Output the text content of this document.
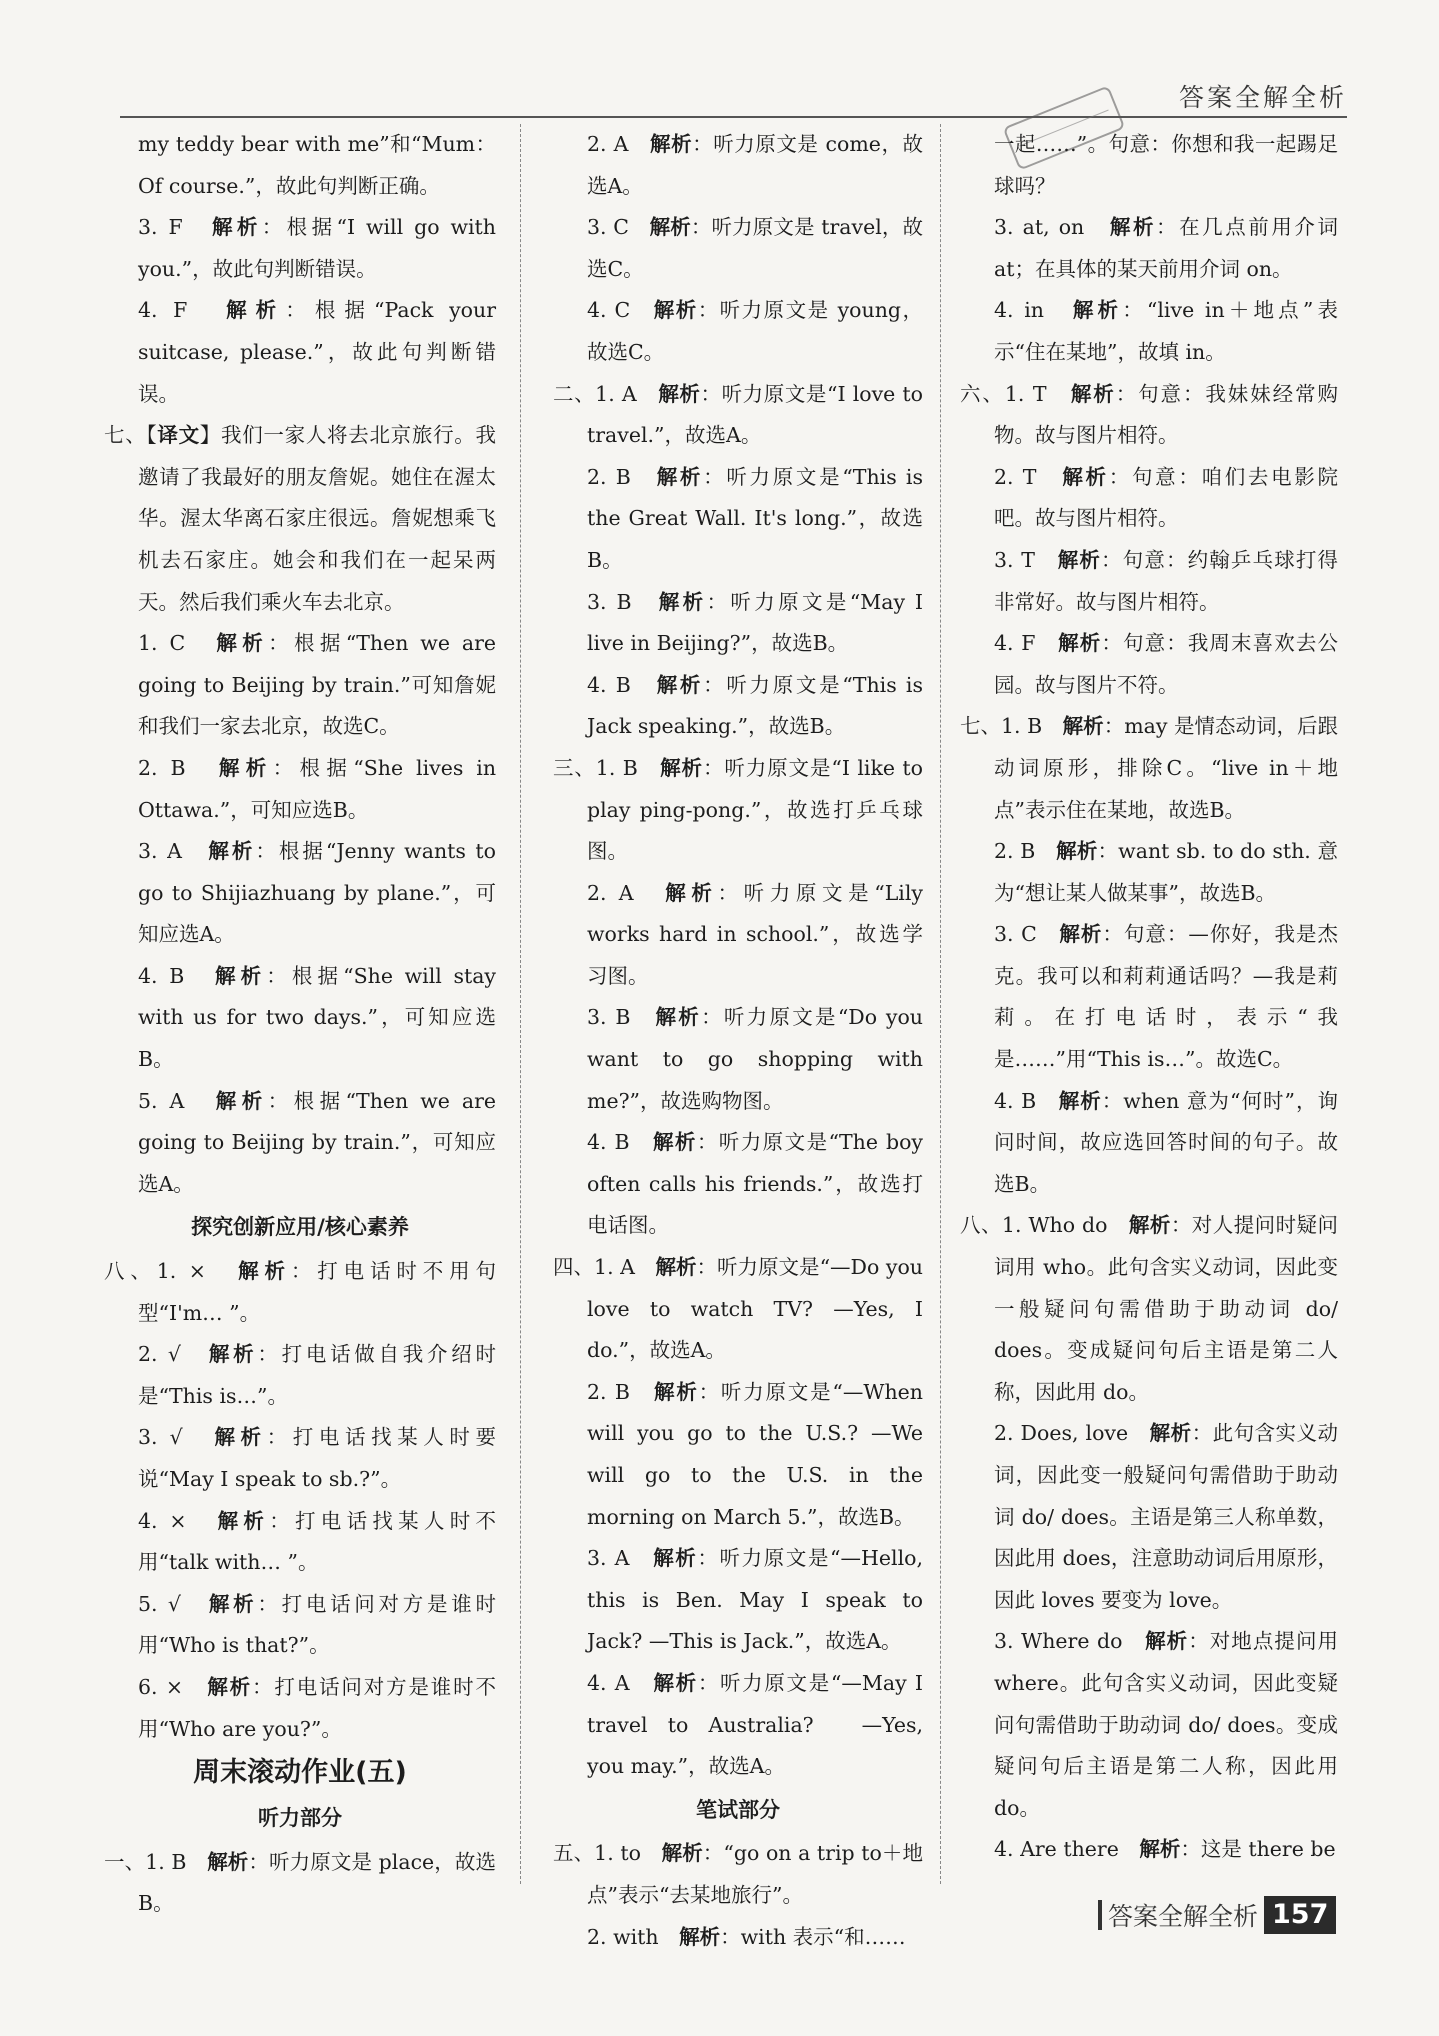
答案全解全析

my teddy bear with me”和“Mum：Of course.”，故此句判断正确。

3. F　解析：根据“I will go with you.”，故此句判断错误。

4. F　解析：根据“Pack your suitcase, please.”，故此句判断错误。

七、【译文】我们一家人将去北京旅行。我邀请了我最好的朋友詹妮。她住在渥太华。渥太华离石家庄很远。詹妮想乘飞机去石家庄。她会和我们在一起呆两天。然后我们乘火车去北京。

1. C　解析：根据“Then we are going to Beijing by train.”可知詹妮和我们一家去北京，故选C。

2. B　解析：根据“She lives in Ottawa.”，可知应选B。

3. A　解析：根据“Jenny wants to go to Shijiazhuang by plane.”，可知应选A。

4. B　解析：根据“She will stay with us for two days.”，可知应选B。

5. A　解析：根据“Then we are going to Beijing by train.”，可知应选A。

探究创新应用/核心素养

八、1. ×　解析：打电话时不用句型“I'm… ”。

2. √　解析：打电话做自我介绍时是“This is…”。

3. √　解析：打电话找某人时要说“May I speak to sb.?”。

4. ×　解析：打电话找某人时不用“talk with… ”。

5. √　解析：打电话问对方是谁时用“Who is that?”。

6. ×　解析：打电话问对方是谁时不用“Who are you?”。

周末滚动作业(五)

听力部分

一、1. B　解析：听力原文是 place，故选B。

2. A　解析：听力原文是 come，故选A。

3. C　解析：听力原文是 travel，故选C。

4. C　解析：听力原文是 young，故选C。

二、1. A　解析：听力原文是“I love to travel.”，故选A。

2. B　解析：听力原文是“This is the Great Wall. It's long.”，故选B。

3. B　解析：听力原文是“May I live in Beijing?”，故选B。

4. B　解析：听力原文是“This is Jack speaking.”，故选B。

三、1. B　解析：听力原文是“I like to play ping-pong.”，故选打乒乓球图。

2. A　解析：听力原文是“Lily works hard in school.”，故选学习图。

3. B　解析：听力原文是“Do you want to go shopping with me?”，故选购物图。

4. B　解析：听力原文是“The boy often calls his friends.”，故选打电话图。

四、1. A　解析：听力原文是“—Do you love to watch TV? —Yes, I do.”，故选A。

2. B　解析：听力原文是“—When will you go to the U.S.? —We will go to the U.S. in the morning on March 5.”，故选B。

3. A　解析：听力原文是“—Hello, this is Ben. May I speak to Jack? —This is Jack.”，故选A。

4. A　解析：听力原文是“—May I travel to Australia?　—Yes,　you may.”，故选A。

笔试部分

五、1. to　解析：“go on a trip to＋地点”表示“去某地旅行”。

2. with　解析：with 表示“和……

一起……”。句意：你想和我一起踢足球吗？

3. at, on　解析：在几点前用介词 at；在具体的某天前用介词 on。

4. in　解析：“live in＋地点”表示“住在某地”，故填 in。

六、1. T　解析：句意：我妹妹经常购物。故与图片相符。

2. T　解析：句意：咱们去电影院吧。故与图片相符。

3. T　解析：句意：约翰乒乓球打得非常好。故与图片相符。

4. F　解析：句意：我周末喜欢去公园。故与图片不符。

七、1. B　解析：may 是情态动词，后跟动词原形，排除C。“live in＋地点”表示住在某地，故选B。

2. B　解析：want sb. to do sth. 意为“想让某人做某事”，故选B。

3. C　解析：句意：—你好，我是杰克。我可以和莉莉通话吗？—我是莉莉。在打电话时，表示“我是……”用“This is…”。故选C。

4. B　解析：when 意为“何时”，询问时间，故应选回答时间的句子。故选B。

八、1. Who do　解析：对人提问时疑问词用 who。此句含实义动词，因此变一般疑问句需借助于助动词 do/ does。变成疑问句后主语是第二人称，因此用 do。

2. Does, love　解析：此句含实义动词，因此变一般疑问句需借助于助动词 do/ does。主语是第三人称单数，因此用 does，注意助动词后用原形，因此 loves 要变为 love。

3. Where do　解析：对地点提问用 where。此句含实义动词，因此变疑问句需借助于助动词 do/ does。变成疑问句后主语是第二人称，因此用 do。

4. Are there　解析：这是 there be

答案全解全析 157
